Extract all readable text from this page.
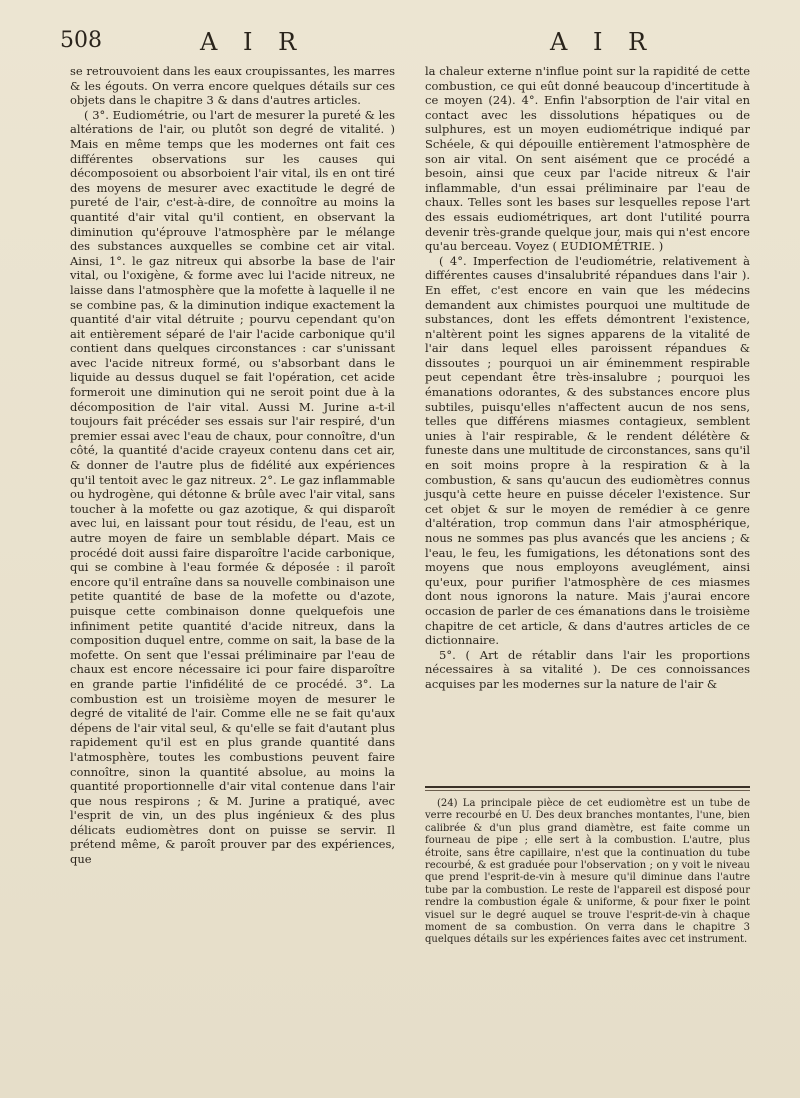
508	A I R	A I R

se retrouvoient dans les eaux croupissantes, les marres & les égouts. On verra encore quelques détails sur ces objets dans le chapitre 3 & dans d'autres articles.

( 3°. Eudiométrie, ou l'art de mesurer la pureté & les altérations de l'air, ou plutôt son degré de vitalité. ) Mais en même temps que les modernes ont fait ces différentes observations sur les causes qui décomposoient ou absorboient l'air vital, ils en ont tiré des moyens de mesurer avec exactitude le degré de pureté de l'air, c'est-à-dire, de connoître au moins la quantité d'air vital qu'il contient, en observant la diminution qu'éprouve l'atmosphère par le mélange des substances auxquelles se combine cet air vital. Ainsi, 1°. le gaz nitreux qui absorbe la base de l'air vital, ou l'oxigène, & forme avec lui l'acide nitreux, ne laisse dans l'atmosphère que la mofette à laquelle il ne se combine pas, & la diminution indique exactement la quantité d'air vital détruite ; pourvu cependant qu'on ait entièrement séparé de l'air l'acide carbonique qu'il contient dans quelques circonstances : car s'unissant avec l'acide nitreux formé, ou s'absorbant dans le liquide au dessus duquel se fait l'opération, cet acide formeroit une diminution qui ne seroit point due à la décomposition de l'air vital. Aussi M. Jurine a-t-il toujours fait précéder ses essais sur l'air respiré, d'un premier essai avec l'eau de chaux, pour connoître, d'un côté, la quantité d'acide crayeux contenu dans cet air, & donner de l'autre plus de fidélité aux expériences qu'il tentoit avec le gaz nitreux. 2°. Le gaz inflammable ou hydrogène, qui détonne & brûle avec l'air vital, sans toucher à la mofette ou gaz azotique, & qui disparoît avec lui, en laissant pour tout résidu, de l'eau, est un autre moyen de faire un semblable départ. Mais ce procédé doit aussi faire disparoître l'acide carbonique, qui se combine à l'eau formée & déposée : il paroît encore qu'il entraîne dans sa nouvelle combinaison une petite quantité de base de la mofette ou d'azote, puisque cette combinaison donne quelquefois une infiniment petite quantité d'acide nitreux, dans la composition duquel entre, comme on sait, la base de la mofette. On sent que l'essai préliminaire par l'eau de chaux est encore nécessaire ici pour faire disparoître en grande partie l'infidélité de ce procédé. 3°. La combustion est un troisième moyen de mesurer le degré de vitalité de l'air. Comme elle ne se fait qu'aux dépens de l'air vital seul, & qu'elle se fait d'autant plus rapidement qu'il est en plus grande quantité dans l'atmosphère, toutes les combustions peuvent faire connoître, sinon la quantité absolue, au moins la quantité proportionnelle d'air vital contenue dans l'air que nous respirons ; & M. Jurine a pratiqué, avec l'esprit de vin, un des plus ingénieux & des plus délicats eudiomètres dont on puisse se servir. Il prétend même, & paroît prouver par des expériences, que

la chaleur externe n'influe point sur la rapidité de cette combustion, ce qui eût donné beaucoup d'incertitude à ce moyen (24). 4°. Enfin l'absorption de l'air vital en contact avec les dissolutions hépatiques ou de sulphures, est un moyen eudiométrique indiqué par Schéele, & qui dépouille entièrement l'atmosphère de son air vital. On sent aisément que ce procédé a besoin, ainsi que ceux par l'acide nitreux & l'air inflammable, d'un essai préliminaire par l'eau de chaux. Telles sont les bases sur lesquelles repose l'art des essais eudiométriques, art dont l'utilité pourra devenir très-grande quelque jour, mais qui n'est encore qu'au berceau. Voyez ( EUDIOMÉTRIE. )

( 4°. Imperfection de l'eudiométrie, relativement à différentes causes d'insalubrité répandues dans l'air ). En effet, c'est encore en vain que les médecins demandent aux chimistes pourquoi une multitude de substances, dont les effets démontrent l'existence, n'altèrent point les signes apparens de la vitalité de l'air dans lequel elles paroissent répandues & dissoutes ; pourquoi un air éminemment respirable peut cependant être très-insalubre ; pourquoi les émanations odorantes, & des substances encore plus subtiles, puisqu'elles n'affectent aucun de nos sens, telles que différens miasmes contagieux, semblent unies à l'air respirable, & le rendent délétère & funeste dans une multitude de circonstances, sans qu'il en soit moins propre à la respiration & à la combustion, & sans qu'aucun des eudiomètres connus jusqu'à cette heure en puisse déceler l'existence. Sur cet objet & sur le moyen de remédier à ce genre d'altération, trop commun dans l'air atmosphérique, nous ne sommes pas plus avancés que les anciens ; & l'eau, le feu, les fumigations, les détonations sont des moyens que nous employons aveuglément, ainsi qu'eux, pour purifier l'atmosphère de ces miasmes dont nous ignorons la nature. Mais j'aurai encore occasion de parler de ces émanations dans le troisième chapitre de cet article, & dans d'autres articles de ce dictionnaire.

5°. ( Art de rétablir dans l'air les proportions nécessaires à sa vitalité ). De ces connoissances acquises par les modernes sur la nature de l'air &

(24) La principale pièce de cet eudiomètre est un tube de verre recourbé en U. Des deux branches montantes, l'une, bien calibrée & d'un plus grand diamètre, est faite comme un fourneau de pipe ; elle sert à la combustion. L'autre, plus étroite, sans être capillaire, n'est que la continuation du tube recourbé, & est graduée pour l'observation ; on y voit le niveau que prend l'esprit-de-vin à mesure qu'il diminue dans l'autre tube par la combustion. Le reste de l'appareil est disposé pour rendre la combustion égale & uniforme, & pour fixer le point visuel sur le degré auquel se trouve l'esprit-de-vin à chaque moment de sa combustion. On verra dans le chapitre 3 quelques détails sur les expériences faites avec cet instrument.
